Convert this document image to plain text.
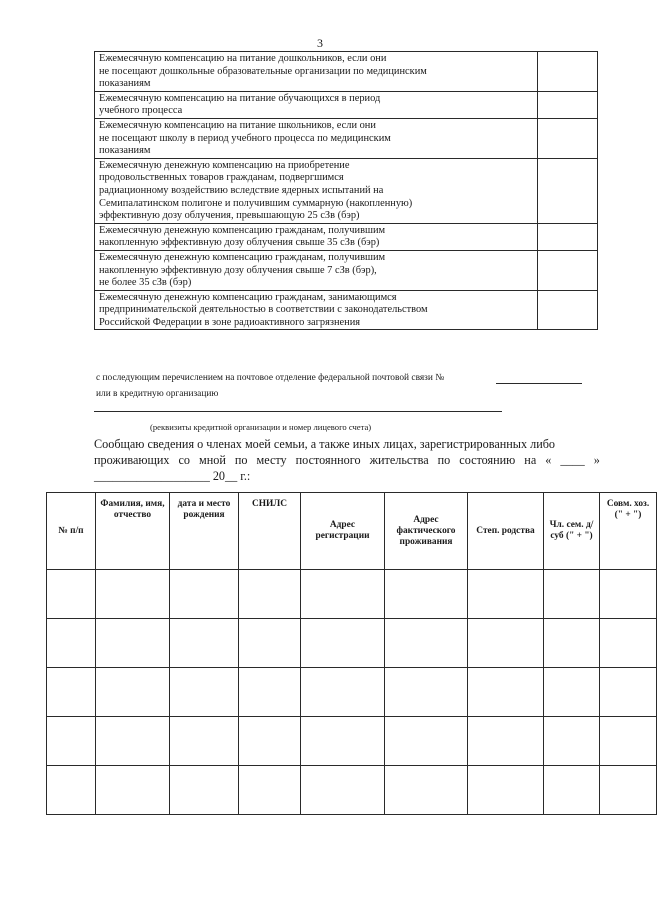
3
Ежемесячную компенсацию на питание дошкольников, если они
не посещают дошкольные образовательные организации по медицинским
показаниям	

Ежемесячную компенсацию на питание обучающихся в период
учебного процесса	

Ежемесячную компенсацию на питание школьников, если они
не посещают школу в период учебного процесса по медицинским
показаниям	

Ежемесячную денежную компенсацию на приобретение
продовольственных товаров гражданам, подвергшимся
радиационному воздействию вследствие ядерных испытаний на
Семипалатинском полигоне и получившим суммарную (накопленную)
эффективную дозу облучения, превышающую 25 сЗв (бэр)	

Ежемесячную денежную компенсацию гражданам, получившим
накопленную эффективную дозу облучения свыше 35 сЗв (бэр)	

Ежемесячную денежную компенсацию гражданам, получившим
накопленную эффективную дозу облучения свыше 7 сЗв (бэр),
не более 35 сЗв (бэр)	

Ежемесячную денежную компенсацию гражданам, занимающимся
предпринимательской деятельностью в соответствии с законодательством
Российской Федерации в зоне радиоактивного загрязнения	

с последующим перечислением на почтовое отделение федеральной почтовой связи №
или в кредитную организацию
(реквизиты кредитной организации и номер лицевого счета)
Сообщаю сведения о членах моей семьи, а также иных лицах, зарегистрированных либо
проживающих со мной по месту постоянного жительства по состоянию на « ____ »
___________________ 20__ г.:
№ п/п	Фамилия, имя, отчество	дата и место рождения	СНИЛС	Адрес регистрации	Адрес фактического проживания	Степ. родства	Чл. сем. д/суб (" + ")	Совм. хоз. (" + ")
